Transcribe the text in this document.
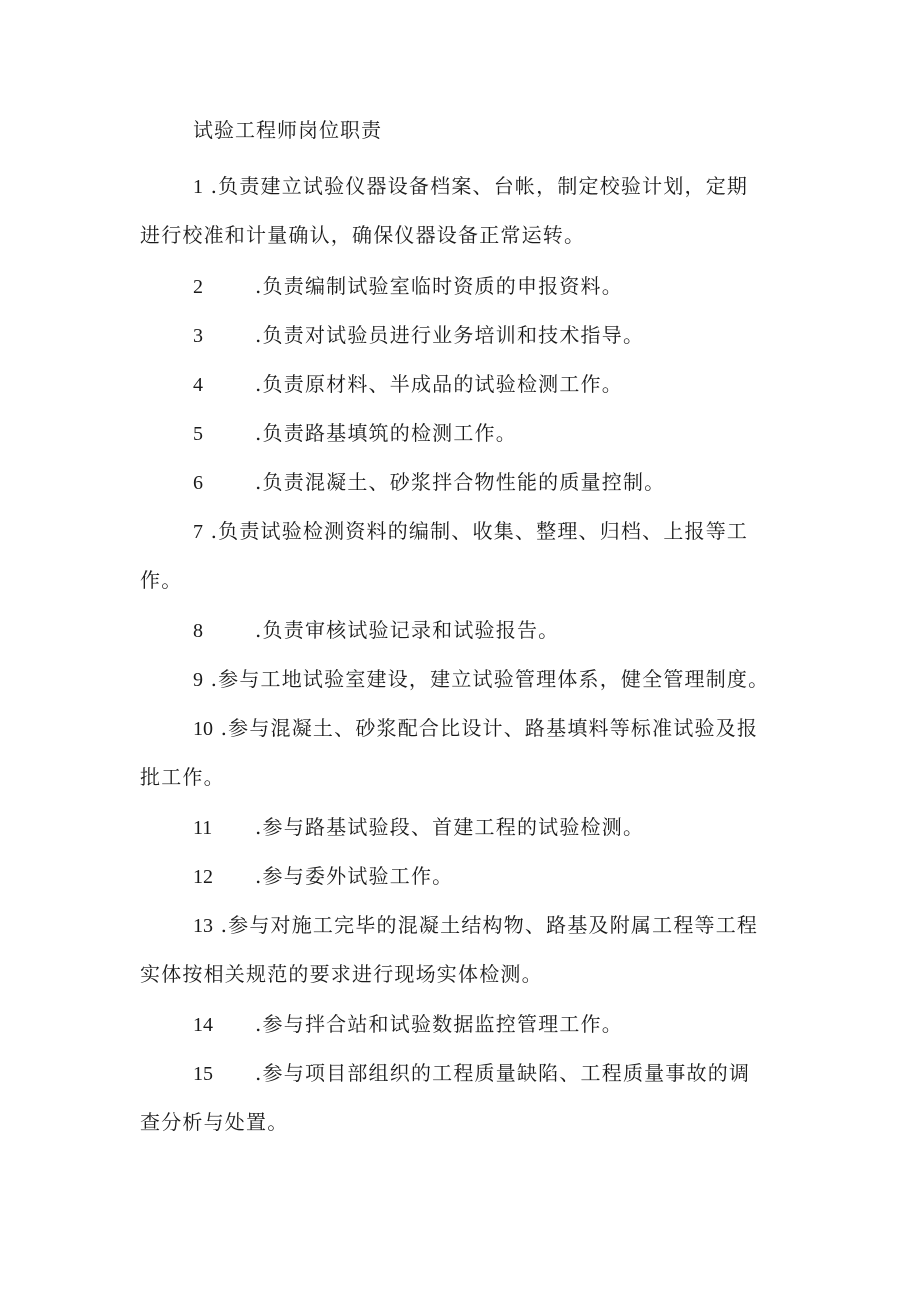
试验工程师岗位职责
1 .负责建立试验仪器设备档案、台帐，制定校验计划，定期
进行校准和计量确认，确保仪器设备正常运转。
2	.负责编制试验室临时资质的申报资料。
3	.负责对试验员进行业务培训和技术指导。
4	.负责原材料、半成品的试验检测工作。
5	.负责路基填筑的检测工作。
6	.负责混凝土、砂浆拌合物性能的质量控制。
7 .负责试验检测资料的编制、收集、整理、归档、上报等工
作。
8	.负责审核试验记录和试验报告。
9 .参与工地试验室建设，建立试验管理体系，健全管理制度。
10 .参与混凝土、砂浆配合比设计、路基填料等标准试验及报
批工作。
11 .参与路基试验段、首建工程的试验检测。
12 .参与委外试验工作。
13 .参与对施工完毕的混凝土结构物、路基及附属工程等工程
实体按相关规范的要求进行现场实体检测。
14 .参与拌合站和试验数据监控管理工作。
15 .参与项目部组织的工程质量缺陷、工程质量事故的调
查分析与处置。
